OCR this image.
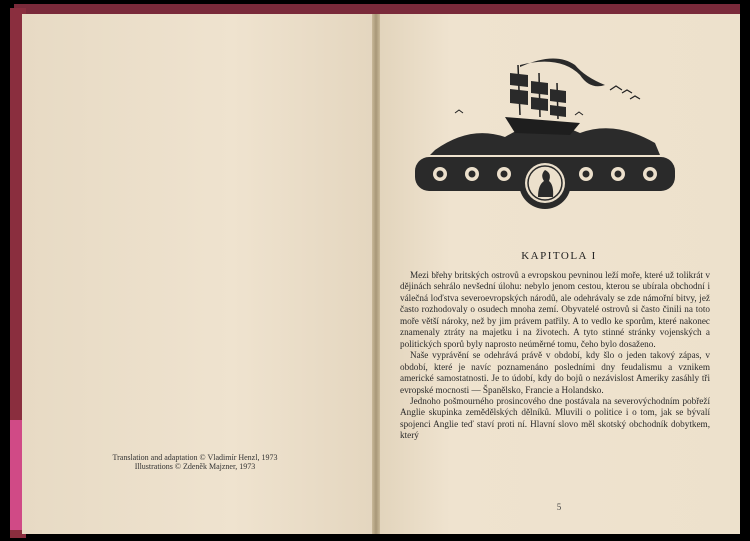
Translation and adaptation © Vladimír Henzl, 1973
Illustrations © Zdeněk Majzner, 1973
KAPITOLA I

Mezi břehy britských ostrovů a evropskou pevninou leží moře, které už tolikrát v dějinách sehrálo nevšední úlohu: nebylo jenom cestou, kterou se ubírala obchodní i válečná loďstva severoevropských národů, ale odehrávaly se zde námořní bitvy, jež často rozhodovaly o osudech mnoha zemí. Obyvatelé ostrovů si často činili na toto moře větší nároky, než by jim právem patřily. A to vedlo ke sporům, které nakonec znamenaly ztráty na majetku i na životech. A tyto stinné stránky vojenských a politických sporů byly naprosto neúměrné tomu, čeho bylo dosaženo.

Naše vyprávění se odehrává právě v období, kdy šlo o jeden takový zápas, v období, které je navíc poznamenáno posledními dny feudalismu a vznikem americké samostatnosti. Je to údobí, kdy do bojů o nezávislost Ameriky zasáhly tři evropské mocnosti — Španělsko, Francie a Holandsko.

Jednoho pošmourného prosincového dne postávala na severovýchodním pobřeží Anglie skupinka zemědělských dělníků. Mluvili o politice i o tom, jak se bývalí spojenci Anglie teď staví proti ní. Hlavní slovo měl skotský obchodník dobytkem, který

5
